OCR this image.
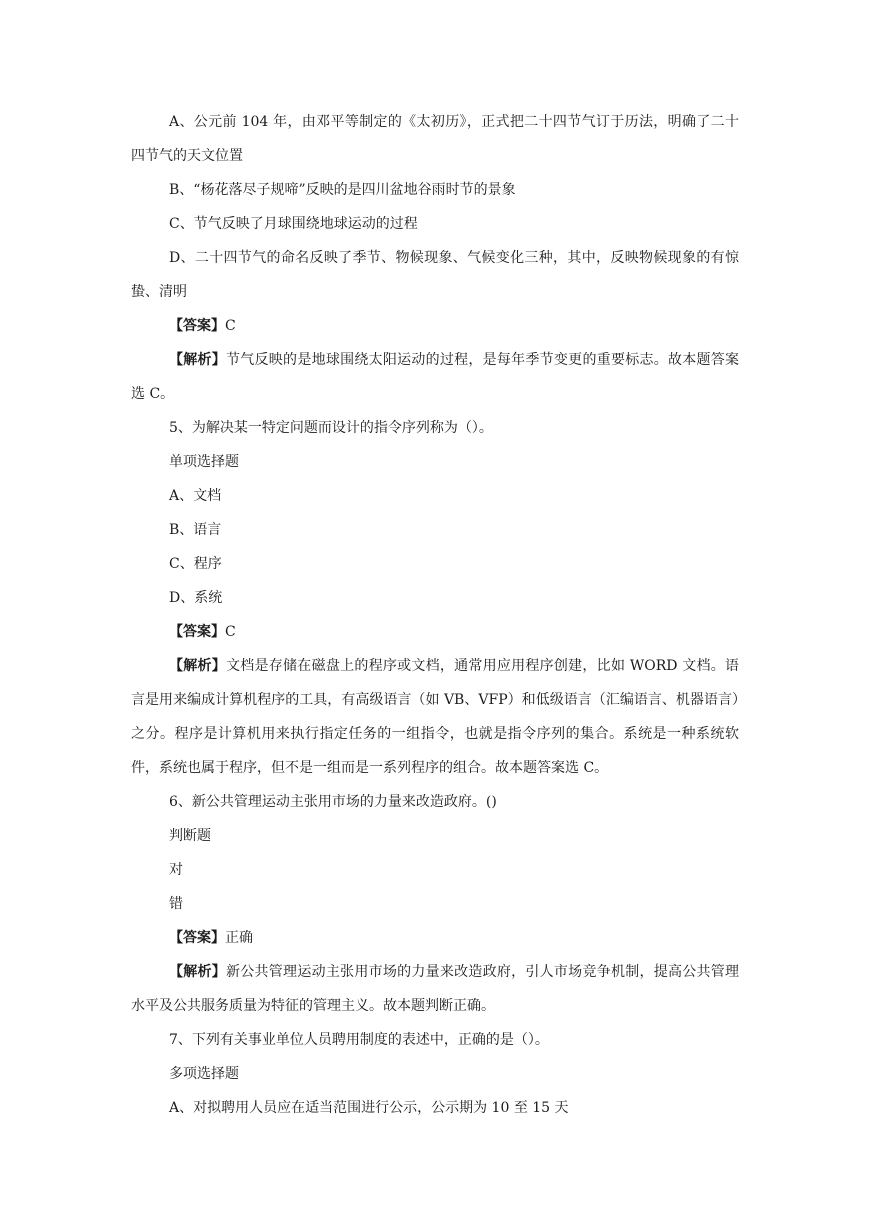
A、公元前 104 年，由邓平等制定的《太初历》，正式把二十四节气订于历法，明确了二十四节气的天文位置

B、“杨花落尽子规啼”反映的是四川盆地谷雨时节的景象

C、节气反映了月球围绕地球运动的过程

D、二十四节气的命名反映了季节、物候现象、气候变化三种，其中，反映物候现象的有惊蛰、清明

【答案】C

【解析】节气反映的是地球围绕太阳运动的过程，是每年季节变更的重要标志。故本题答案选 C。

5、为解决某一特定问题而设计的指令序列称为（）。

单项选择题

A、文档

B、语言

C、程序

D、系统

【答案】C

【解析】文档是存储在磁盘上的程序或文档，通常用应用程序创建，比如 WORD 文档。语言是用来编成计算机程序的工具，有高级语言（如 VB、VFP）和低级语言（汇编语言、机器语言）之分。程序是计算机用来执行指定任务的一组指令，也就是指令序列的集合。系统是一种系统软件，系统也属于程序，但不是一组而是一系列程序的组合。故本题答案选 C。

6、新公共管理运动主张用市场的力量来改造政府。()

判断题

对

错

【答案】正确

【解析】新公共管理运动主张用市场的力量来改造政府，引人市场竞争机制，提高公共管理水平及公共服务质量为特征的管理主义。故本题判断正确。

7、下列有关事业单位人员聘用制度的表述中，正确的是（）。

多项选择题

A、对拟聘用人员应在适当范围进行公示，公示期为 10 至 15 天
